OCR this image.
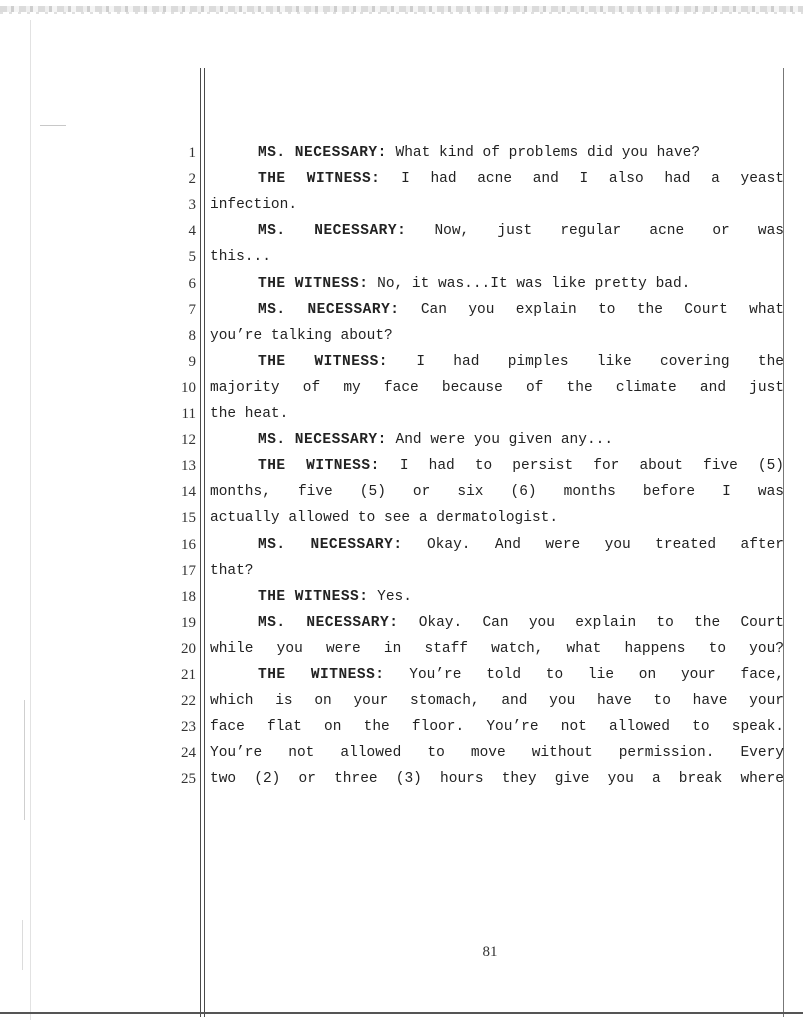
1	MS. NECESSARY: What kind of problems did you have?
2	THE WITNESS: I had acne and I also had a yeast
3 infection.
4	MS. NECESSARY: Now, just regular acne or was
5 this...
6	THE WITNESS: No, it was...It was like pretty bad.
7	MS. NECESSARY: Can you explain to the Court what
8 you’re talking about?
9	THE WITNESS: I had pimples like covering the
10 majority of my face because of the climate and just
11 the heat.
12	MS. NECESSARY: And were you given any...
13	THE WITNESS: I had to persist for about five (5)
14 months, five (5) or six (6) months before I was
15 actually allowed to see a dermatologist.
16	MS. NECESSARY: Okay. And were you treated after
17 that?
18	THE WITNESS: Yes.
19	MS. NECESSARY: Okay. Can you explain to the Court
20 while you were in staff watch, what happens to you?
21	THE WITNESS: You’re told to lie on your face,
22 which is on your stomach, and you have to have your
23 face flat on the floor. You’re not allowed to speak.
24 You’re not allowed to move without permission. Every
25 two (2) or three (3) hours they give you a break where
81
